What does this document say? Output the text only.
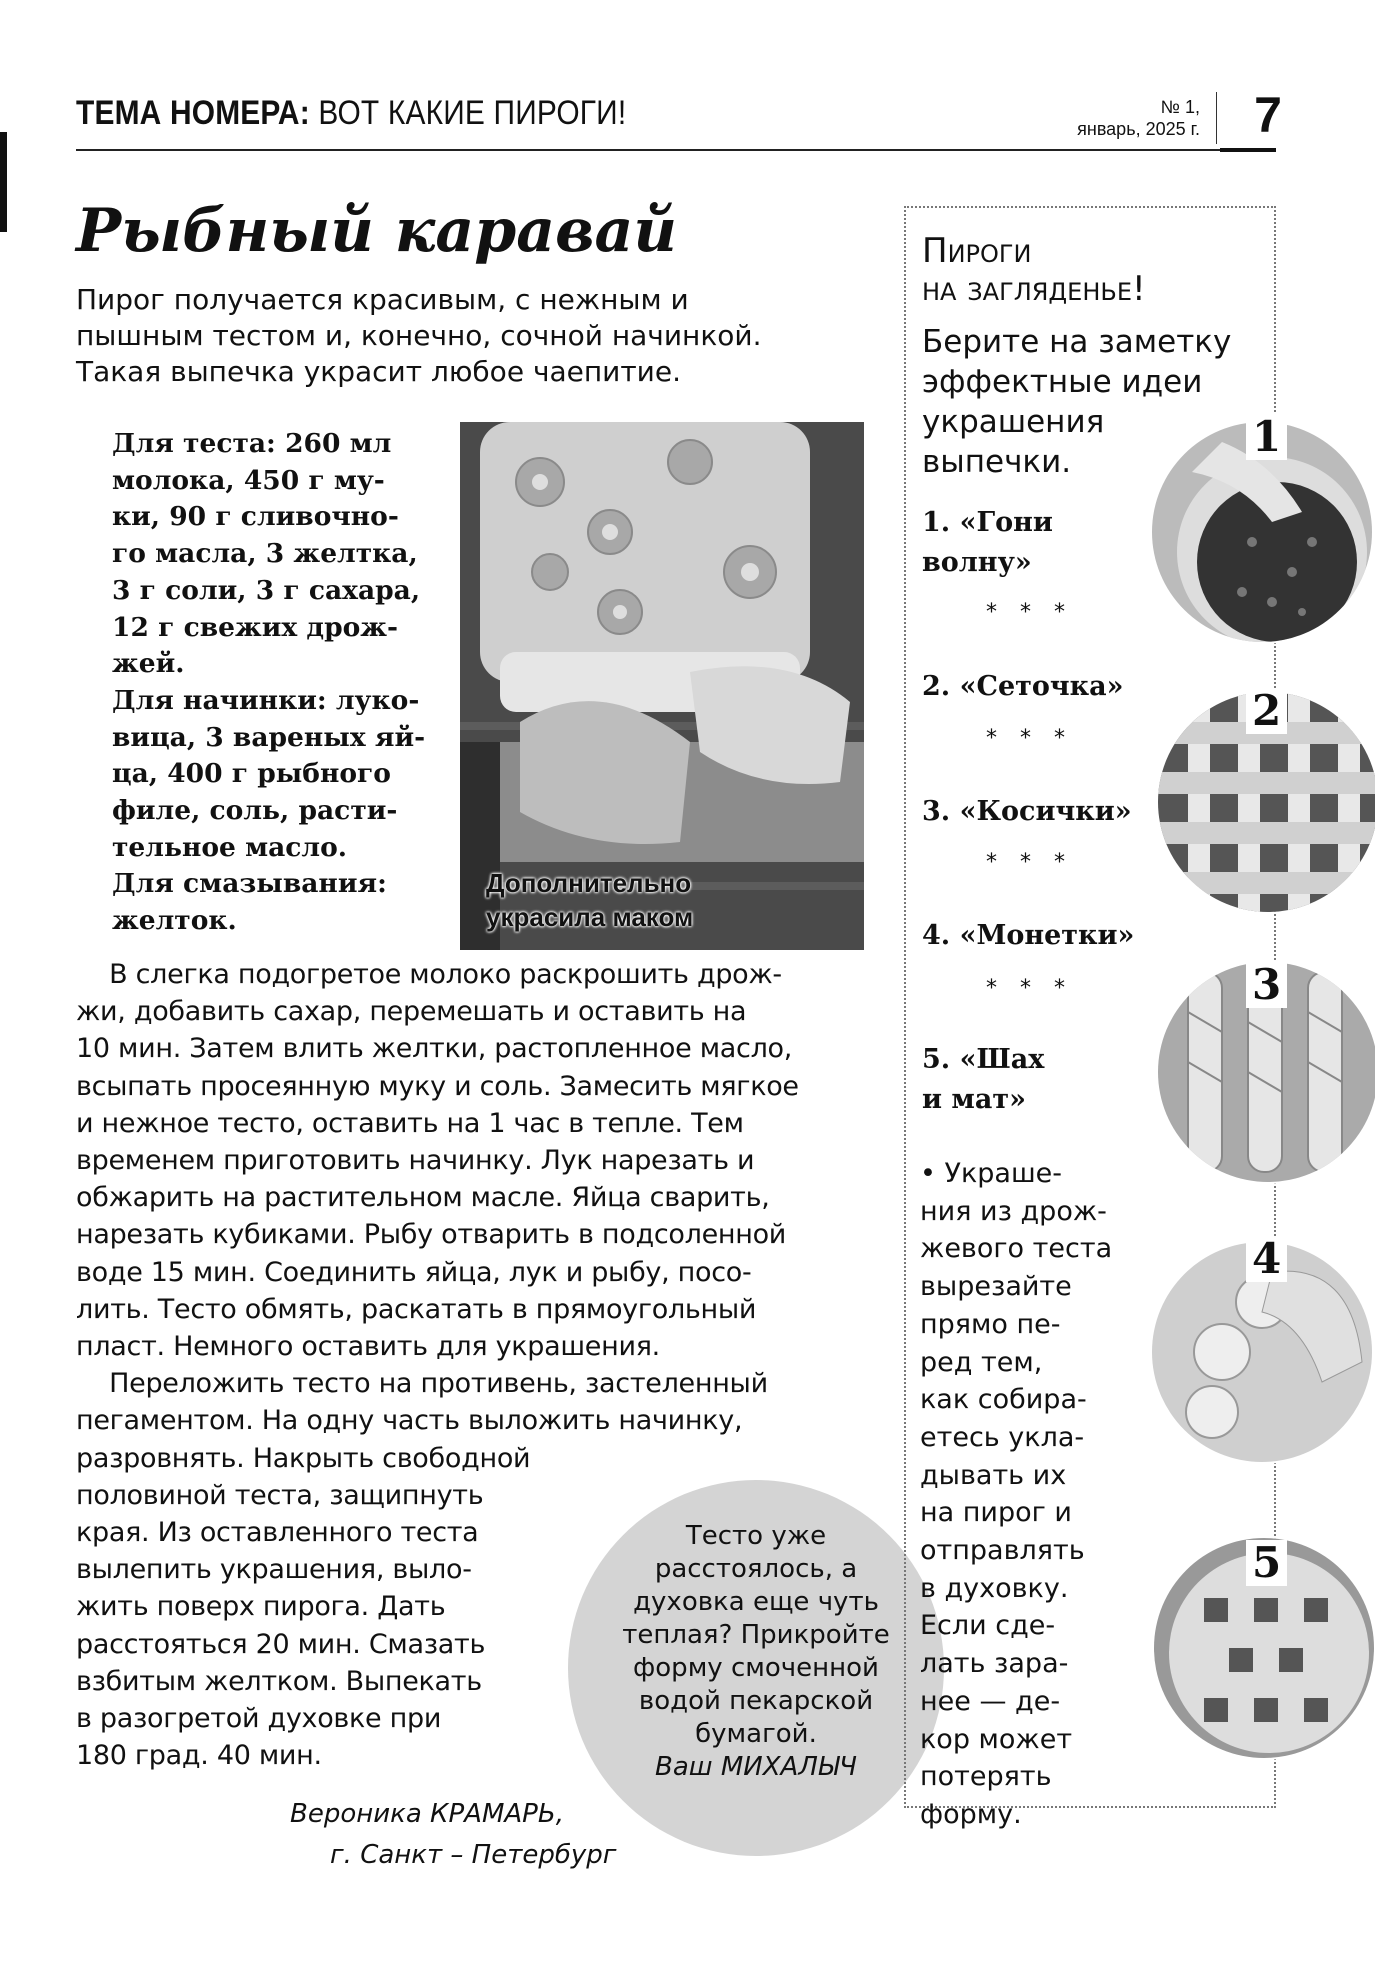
ТЕМА НОМЕРА: ВОТ КАКИЕ ПИРОГИ!	№ 1,
январь, 2025 г.	7
Рыбный каравай
Пирог получается красивым, с нежным и
пышным тестом и, конечно, сочной начинкой.
Такая выпечка украсит любое чаепитие.
Для теста: 260 мл
молока, 450 г му-
ки, 90 г сливочно-
го масла, 3 желтка,
3 г соли, 3 г сахара,
12 г свежих дрож-
жей.
Для начинки: луко-
вица, 3 вареных яй-
ца, 400 г рыбного
филе, соль, расти-
тельное масло.
Для смазывания:
желток.
Дополнительно
украсила маком
В слегка подогретое молоко раскрошить дрож-
жи, добавить сахар, перемешать и оставить на
10 мин. Затем влить желтки, растопленное масло,
всыпать просеянную муку и соль. Замесить мягкое
и нежное тесто, оставить на 1 час в тепле. Тем
временем приготовить начинку. Лук нарезать и
обжарить на растительном масле. Яйца сварить,
нарезать кубиками. Рыбу отварить в подсоленной
воде 15 мин. Соединить яйца, лук и рыбу, посо-
лить. Тесто обмять, раскатать в прямоугольный
пласт. Немного оставить для украшения.
Переложить тесто на противень, застеленный
пегаментом. На одну часть выложить начинку,
разровнять. Накрыть свободной
половиной теста, защипнуть
края. Из оставленного теста
вылепить украшения, выло-
жить поверх пирога. Дать
расстояться 20 мин. Смазать
взбитым желтком. Выпекать
в разогретой духовке при
180 град. 40 мин.
Тесто уже
расстоялось, а
духовка еще чуть
теплая? Прикройте
форму смоченной
водой пекарской
бумагой.
Ваш МИХАЛЫЧ
Вероника КРАМАРЬ,
г. Санкт – Петербург
Пироги
на загляденье!
Берите на заметку
эффектные идеи
украшения
выпечки.
1. «Гони
волну»
* * *
2. «Сеточка»
* * *
3. «Косички»
* * *
4. «Монетки»
* * *
5. «Шах
и мат»
• Украше-
ния из дрож-
жевого теста
вырезайте
прямо пе-
ред тем,
как собира-
етесь укла-
дывать их
на пирог и
отправлять
в духовку.
Если сде-
лать зара-
нее — де-
кор может
потерять
форму.
1
2
3
4
5
